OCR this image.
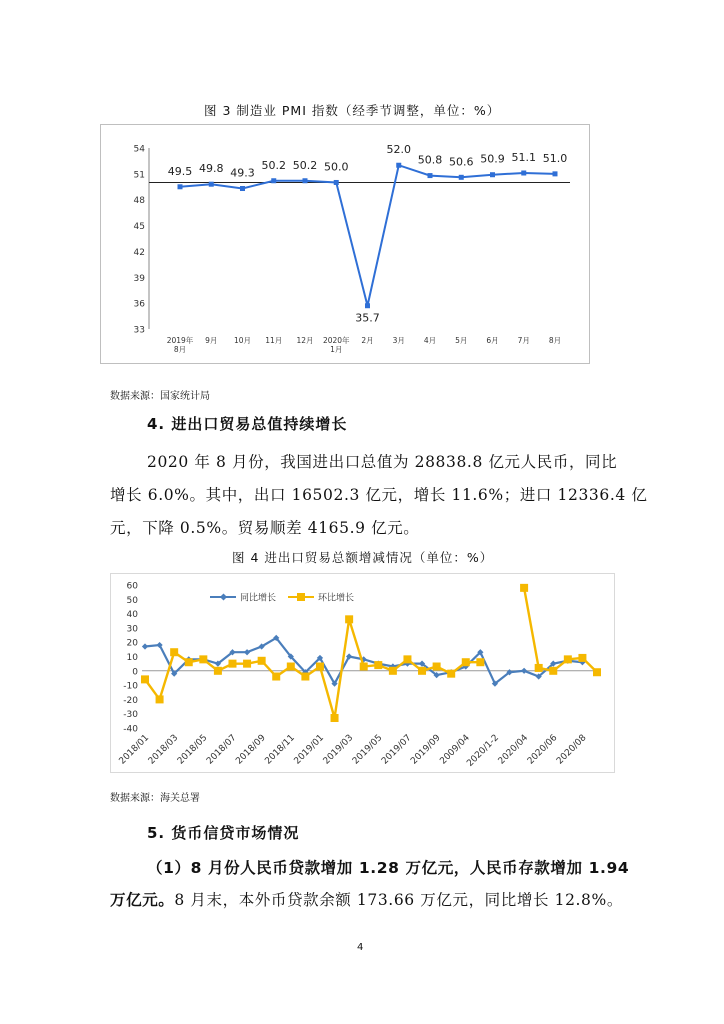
图 3 制造业 PMI 指数（经季节调整，单位：%）
54
51
48
45
42
39
36
33
2019年 8月
9月 10月 11月 12月 2020年 1月
2月	3月	4月	5月	6月	7月	8月
49.5 49.8 49.3
50.2 50.2 50.0
35.7
52.0
50.8 50.6 50.9 51.1 51.0
数据来源：国家统计局
4. 进出口贸易总值持续增长
2020 年 8 月份，我国进出口总值为 28838.8 亿元人民币，同比
增长 6.0%。其中，出口 16502.3 亿元，增长 11.6%；进口 12336.4 亿
元，下降 0.5%。贸易顺差 4165.9 亿元。
图 4 进出口贸易总额增减情况（单位：%）
60
50
40
30
20
10
0
-10
-20
-30
-40
2018/01
2018/03
2018/05
2018/07
2018/09
2018/11
2019/01
2019/03
2019/05
2019/07
2019/09
2009/04
2020/1-2
2020/04
2020/06
2020/08
同比增长	环比增长
数据来源：海关总署
5. 货币信贷市场情况
（1）8 月份人民币贷款增加 1.28 万亿元，人民币存款增加 1.94
万亿元。8 月末，本外币贷款余额 173.66 万亿元，同比增长 12.8%。
4
